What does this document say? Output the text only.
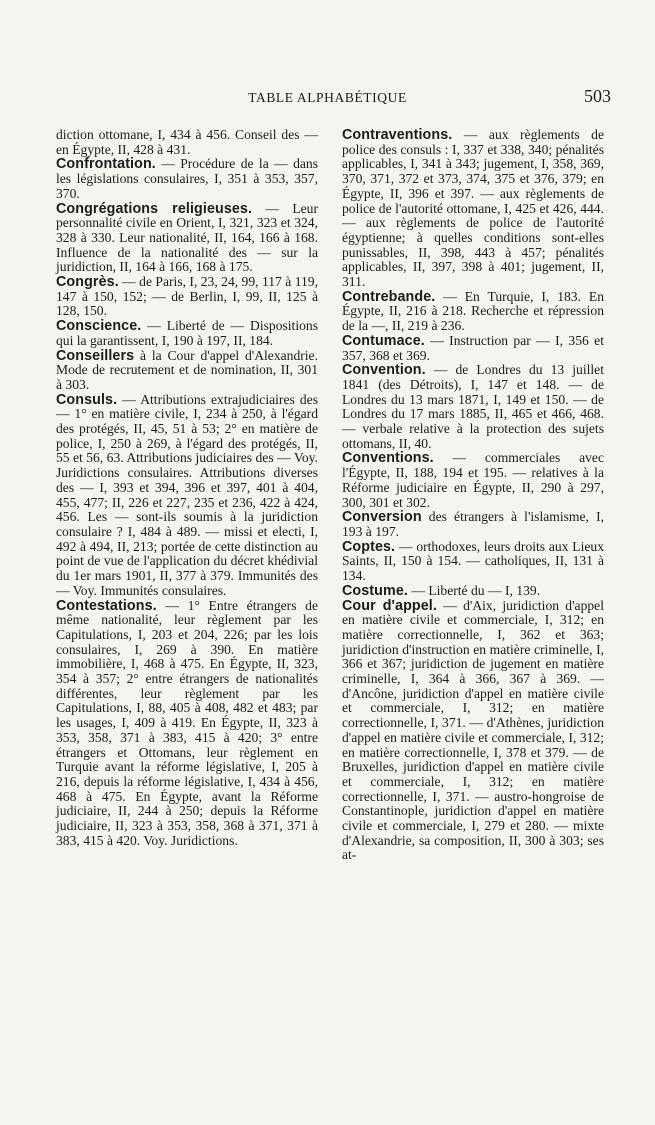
TABLE ALPHABÉTIQUE	503

diction ottomane, I, 434 à 456. Conseil des — en Égypte, II, 428 à 431.

Confrontation. — Procédure de la — dans les législations consulaires, I, 351 à 353, 357, 370.

Congrégations religieuses. — Leur personnalité civile en Orient, I, 321, 323 et 324, 328 à 330. Leur nationalité, II, 164, 166 à 168. Influence de la nationalité des — sur la juridiction, II, 164 à 166, 168 à 175.

Congrès. — de Paris, I, 23, 24, 99, 117 à 119, 147 à 150, 152; — de Berlin, I, 99, II, 125 à 128, 150.

Conscience. — Liberté de — Dispositions qui la garantissent, I, 190 à 197, II, 184.

Conseillers à la Cour d'appel d'Alexandrie. Mode de recrutement et de nomination, II, 301 à 303.

Consuls. — Attributions extrajudiciaires des — 1° en matière civile, I, 234 à 250, à l'égard des protégés, II, 45, 51 à 53; 2° en matière de police, I, 250 à 269, à l'égard des protégés, II, 55 et 56, 63. Attributions judiciaires des — Voy. Juridictions consulaires. Attributions diverses des — I, 393 et 394, 396 et 397, 401 à 404, 455, 477; II, 226 et 227, 235 et 236, 422 à 424, 456. Les — sont-ils soumis à la juridiction consulaire ? I, 484 à 489. — missi et electi, I, 492 à 494, II, 213; portée de cette distinction au point de vue de l'application du décret khédivial du 1er mars 1901, II, 377 à 379. Immunités des — Voy. Immunités consulaires.

Contestations. — 1° Entre étrangers de même nationalité, leur règlement par les Capitulations, I, 203 et 204, 226; par les lois consulaires, I, 269 à 390. En matière immobilière, I, 468 à 475. En Égypte, II, 323, 354 à 357; 2° entre étrangers de nationalités différentes, leur règlement par les Capitulations, I, 88, 405 à 408, 482 et 483; par les usages, I, 409 à 419. En Égypte, II, 323 à 353, 358, 371 à 383, 415 à 420; 3° entre étrangers et Ottomans, leur règlement en Turquie avant la réforme législative, I, 205 à 216, depuis la réforme législative, I, 434 à 456, 468 à 475. En Égypte, avant la Réforme judiciaire, II, 244 à 250; depuis la Réforme judiciaire, II, 323 à 353, 358, 368 à 371, 371 à 383, 415 à 420. Voy. Juridictions.

Contraventions. — aux règlements de police des consuls : I, 337 et 338, 340; pénalités applicables, I, 341 à 343; jugement, I, 358, 369, 370, 371, 372 et 373, 374, 375 et 376, 379; en Égypte, II, 396 et 397. — aux règlements de police de l'autorité ottomane, I, 425 et 426, 444. — aux règlements de police de l'autorité égyptienne; à quelles conditions sont-elles punissables, II, 398, 443 à 457; pénalités applicables, II, 397, 398 à 401; jugement, II, 311.

Contrebande. — En Turquie, I, 183. En Égypte, II, 216 à 218. Recherche et répression de la —, II, 219 à 236.

Contumace. — Instruction par — I, 356 et 357, 368 et 369.

Convention. — de Londres du 13 juillet 1841 (des Détroits), I, 147 et 148. — de Londres du 13 mars 1871, I, 149 et 150. — de Londres du 17 mars 1885, II, 465 et 466, 468. — verbale relative à la protection des sujets ottomans, II, 40.

Conventions. — commerciales avec l'Égypte, II, 188, 194 et 195. — relatives à la Réforme judiciaire en Égypte, II, 290 à 297, 300, 301 et 302.

Conversion des étrangers à l'islamisme, I, 193 à 197.

Coptes. — orthodoxes, leurs droits aux Lieux Saints, II, 150 à 154. — catholiques, II, 131 à 134.

Costume. — Liberté du — I, 139.

Cour d'appel. — d'Aix, juridiction d'appel en matière civile et commerciale, I, 312; en matière correctionnelle, I, 362 et 363; juridiction d'instruction en matière criminelle, I, 366 et 367; juridiction de jugement en matière criminelle, I, 364 à 366, 367 à 369. — d'Ancône, juridiction d'appel en matière civile et commerciale, I, 312; en matière correctionnelle, I, 371. — d'Athènes, juridiction d'appel en matière civile et commerciale, I, 312; en matière correctionnelle, I, 378 et 379. — de Bruxelles, juridiction d'appel en matière civile et commerciale, I, 312; en matière correctionnelle, I, 371. — austro-hongroise de Constantinople, juridiction d'appel en matière civile et commerciale, I, 279 et 280. — mixte d'Alexandrie, sa composition, II, 300 à 303; ses at-
